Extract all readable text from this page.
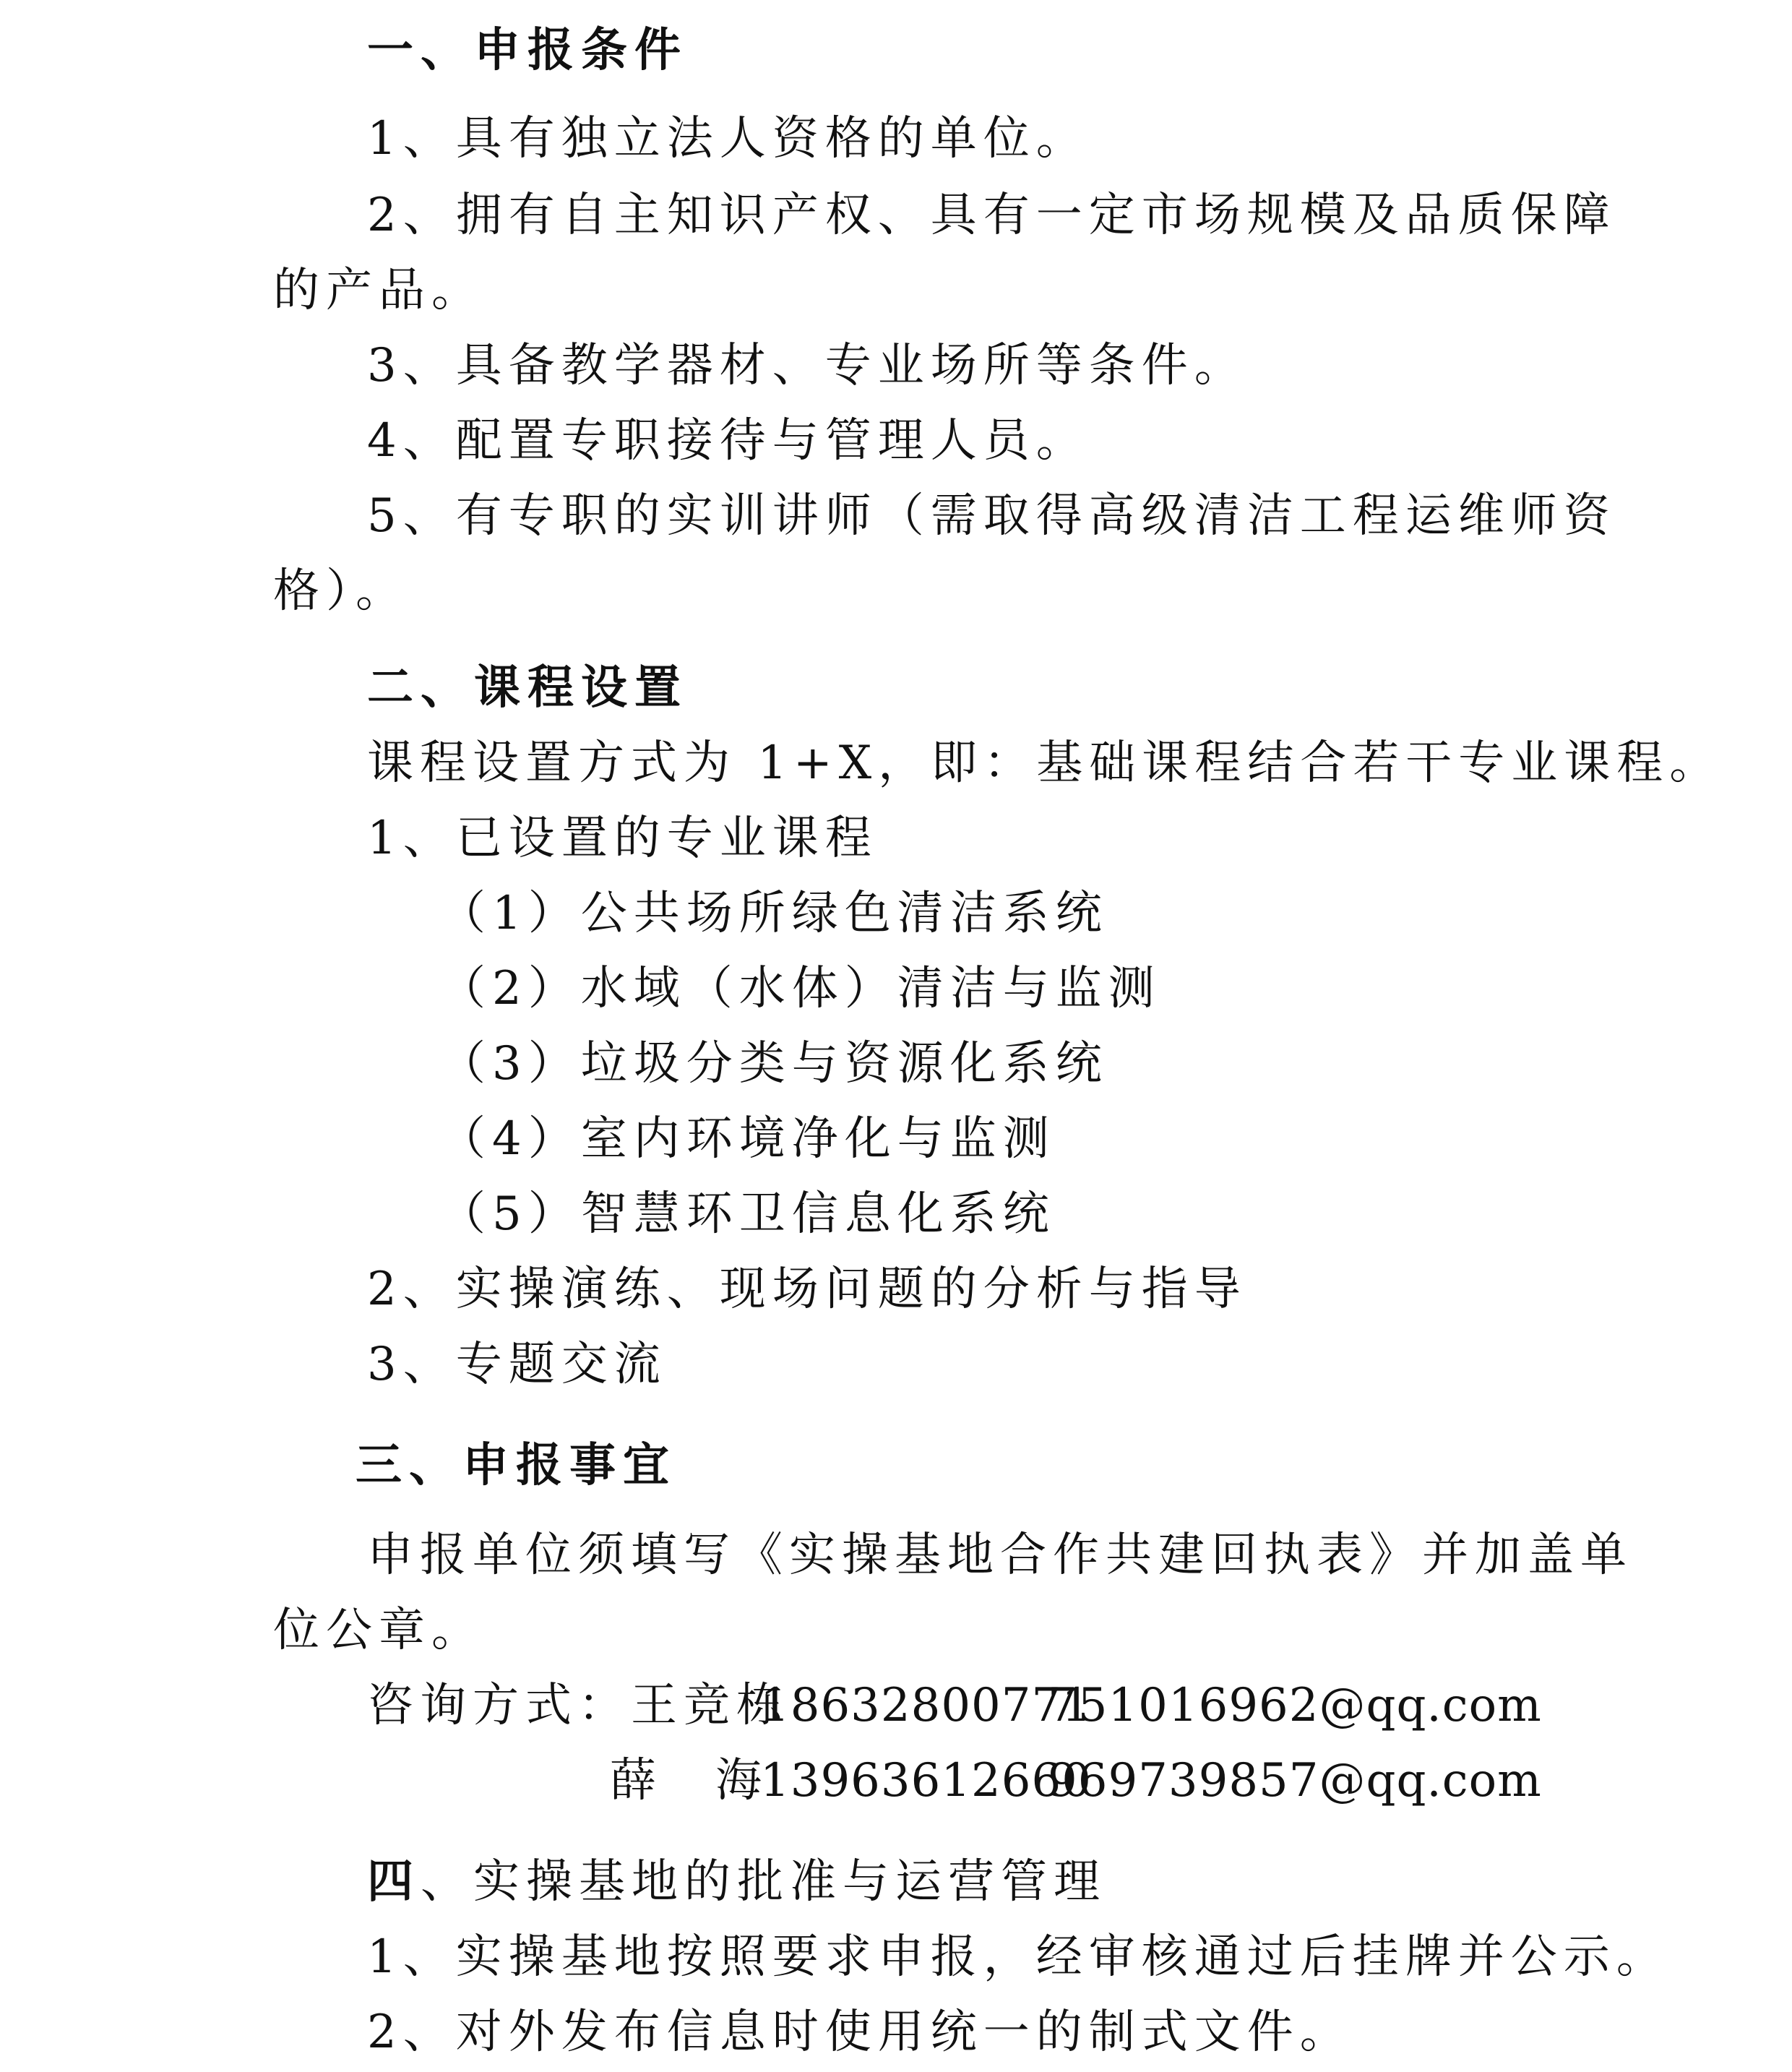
一、申报条件
1、具有独立法人资格的单位。
2、拥有自主知识产权、具有一定市场规模及品质保障
的产品。
3、具备教学器材、专业场所等条件。
4、配置专职接待与管理人员。
5、有专职的实训讲师（需取得高级清洁工程运维师资
格）。
二、课程设置
课程设置方式为 1+X，即：基础课程结合若干专业课程。
1、已设置的专业课程
（1）公共场所绿色清洁系统
（2）水域（水体）清洁与监测
（3）垃圾分类与资源化系统
（4）室内环境净化与监测
（5）智慧环卫信息化系统
2、实操演练、现场问题的分析与指导
3、专题交流
三、申报事宜
申报单位须填写《实操基地合作共建回执表》并加盖单
位公章。
咨询方式：王竞栋
18632800771
751016962@qq.com
薛　海
13963612660
969739857@qq.com
四、实操基地的批准与运营管理
1、实操基地按照要求申报，经审核通过后挂牌并公示。
2、对外发布信息时使用统一的制式文件。
